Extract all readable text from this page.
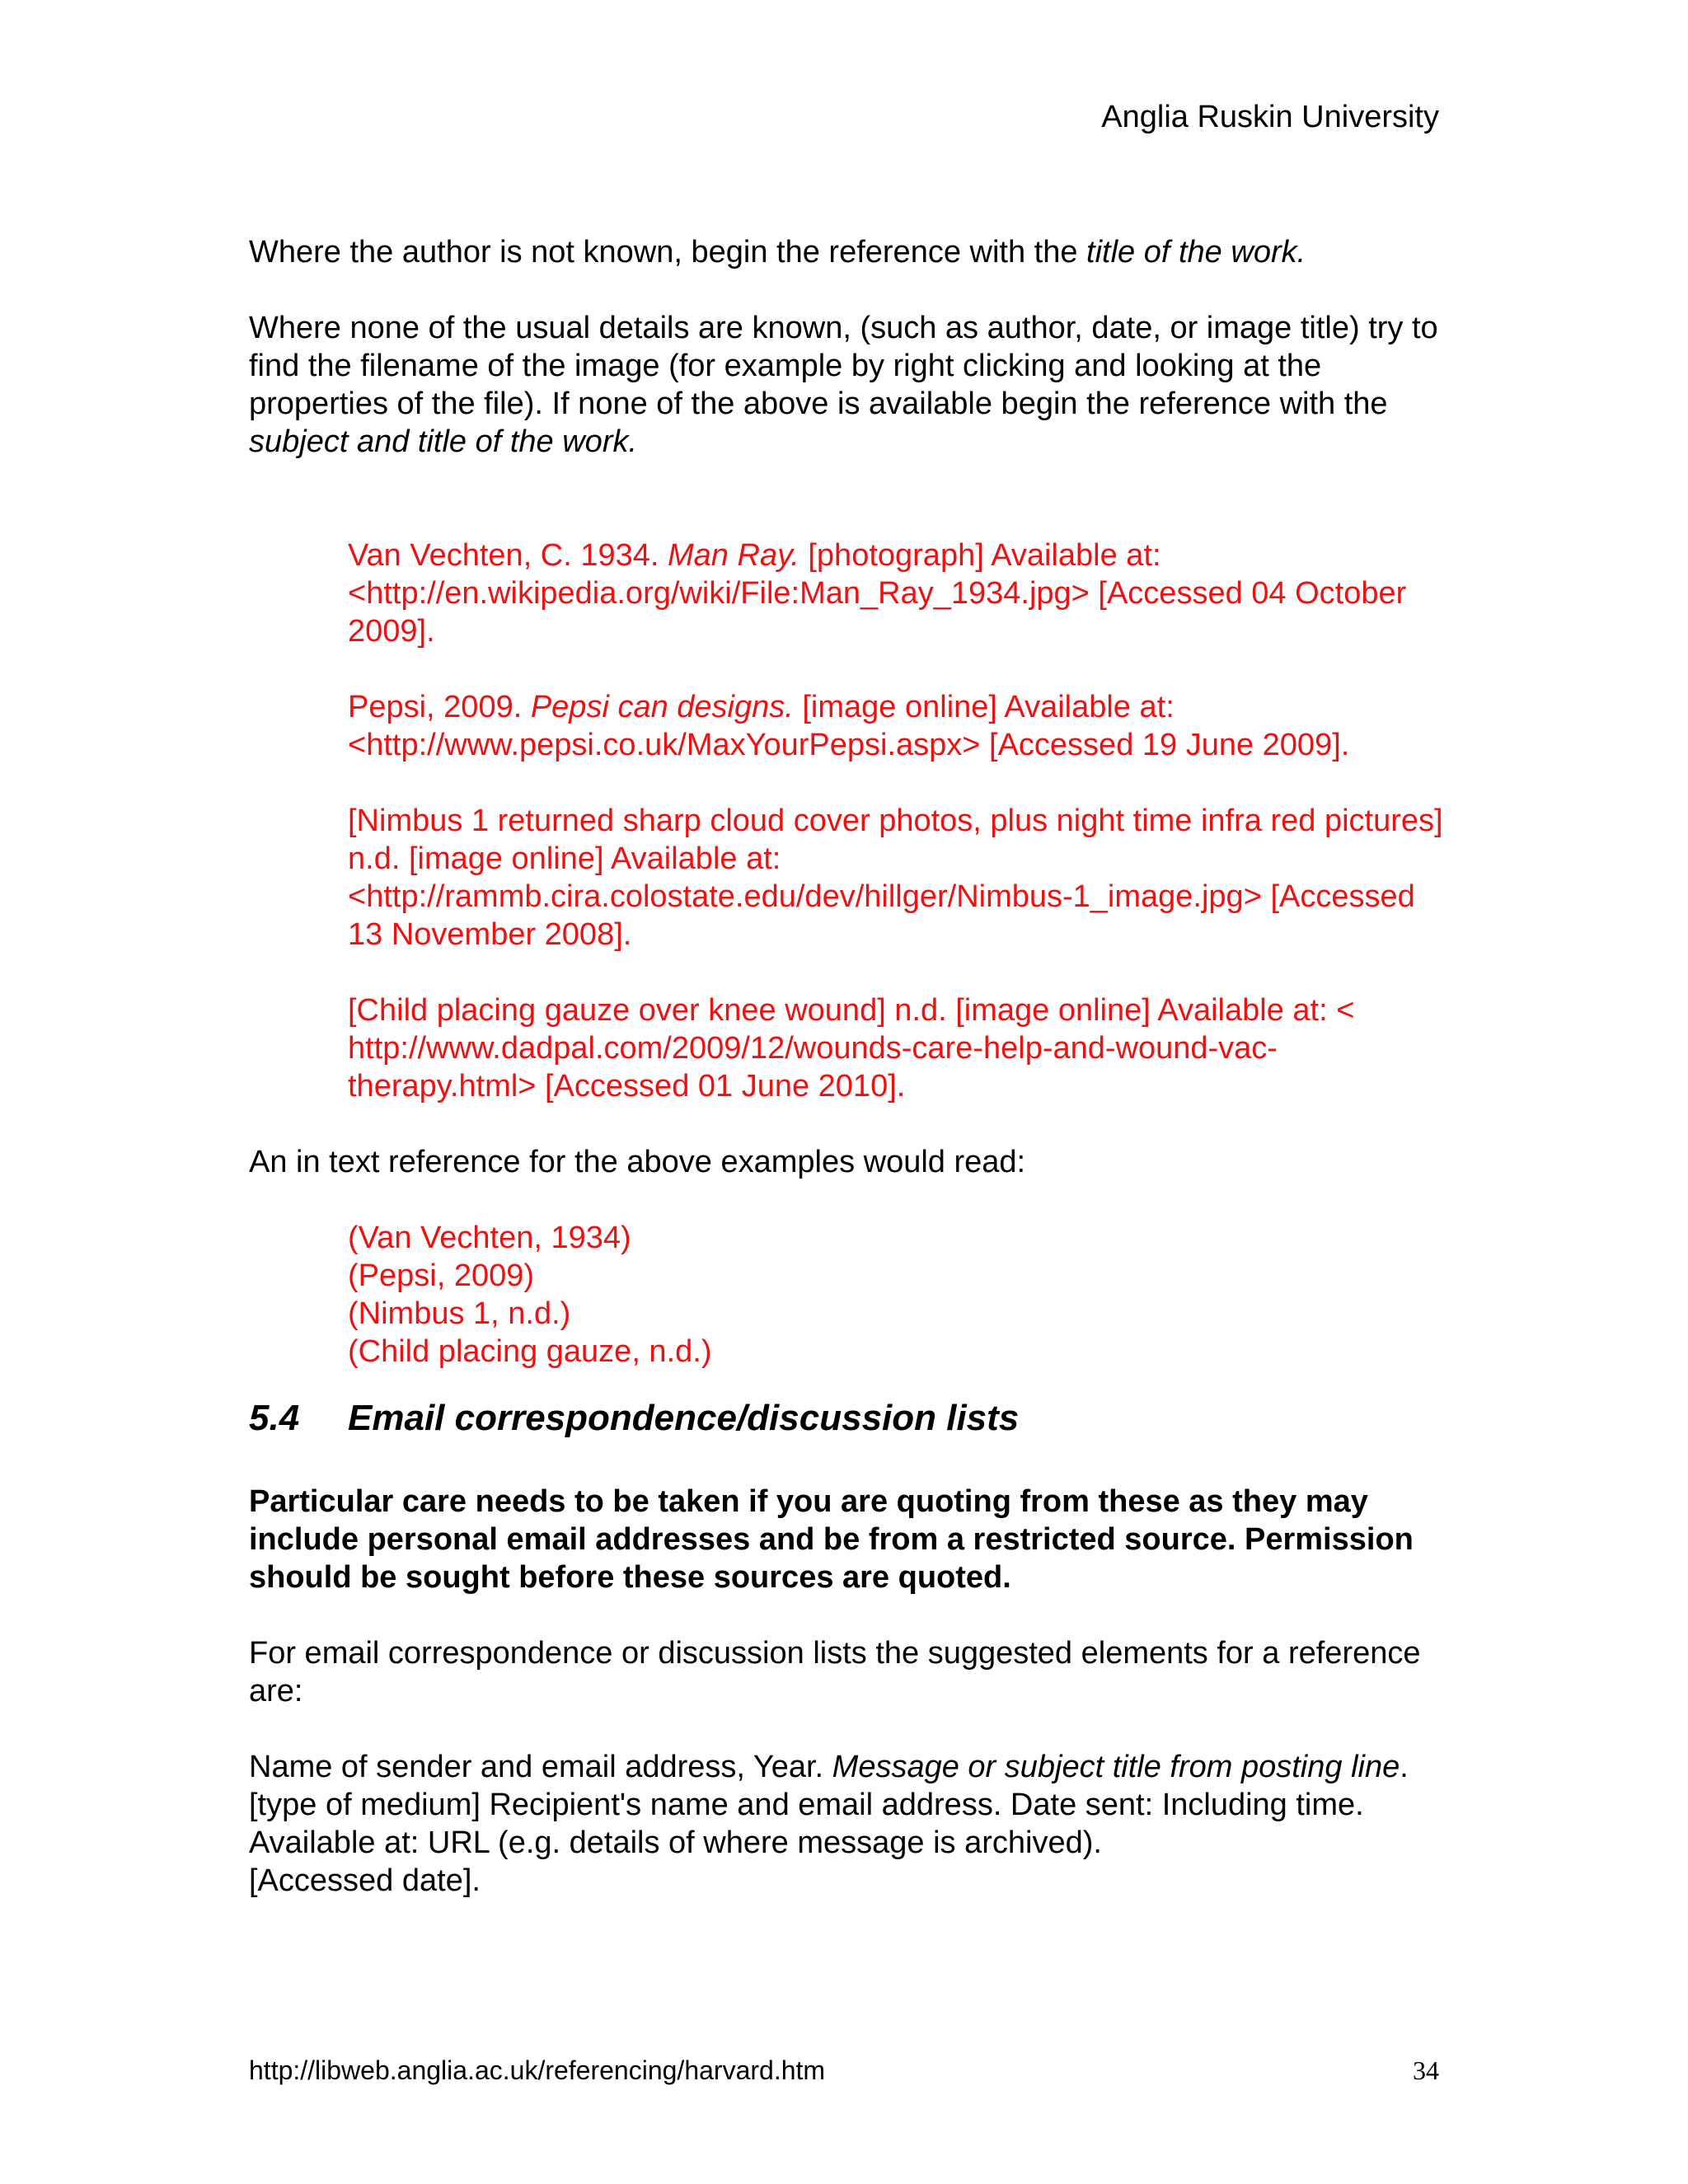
Anglia Ruskin University

Where the author is not known, begin the reference with the title of the work.

Where none of the usual details are known, (such as author, date, or image title) try to find the filename of the image (for example by right clicking and looking at the properties of the file). If none of the above is available begin the reference with the subject and title of the work.

Van Vechten, C. 1934. Man Ray. [photograph] Available at: <http://en.wikipedia.org/wiki/File:Man_Ray_1934.jpg> [Accessed 04 October 2009].

Pepsi, 2009. Pepsi can designs. [image online] Available at: <http://www.pepsi.co.uk/MaxYourPepsi.aspx> [Accessed 19 June 2009].

[Nimbus 1 returned sharp cloud cover photos, plus night time infra red pictures] n.d. [image online] Available at: <http://rammb.cira.colostate.edu/dev/hillger/Nimbus-1_image.jpg> [Accessed 13 November 2008].

[Child placing gauze over knee wound] n.d. [image online] Available at: < http://www.dadpal.com/2009/12/wounds-care-help-and-wound-vac-therapy.html> [Accessed 01 June 2010].

An in text reference for the above examples would read:

(Van Vechten, 1934)

(Pepsi, 2009)

(Nimbus 1, n.d.)

(Child placing gauze, n.d.)

5.4	Email correspondence/discussion lists

Particular care needs to be taken if you are quoting from these as they may include personal email addresses and be from a restricted source. Permission should be sought before these sources are quoted.

For email correspondence or discussion lists the suggested elements for a reference are:

Name of sender and email address, Year. Message or subject title from posting line. [type of medium] Recipient's name and email address. Date sent: Including time. Available at: URL (e.g. details of where message is archived).
[Accessed date].

http://libweb.anglia.ac.uk/referencing/harvard.htm	34
